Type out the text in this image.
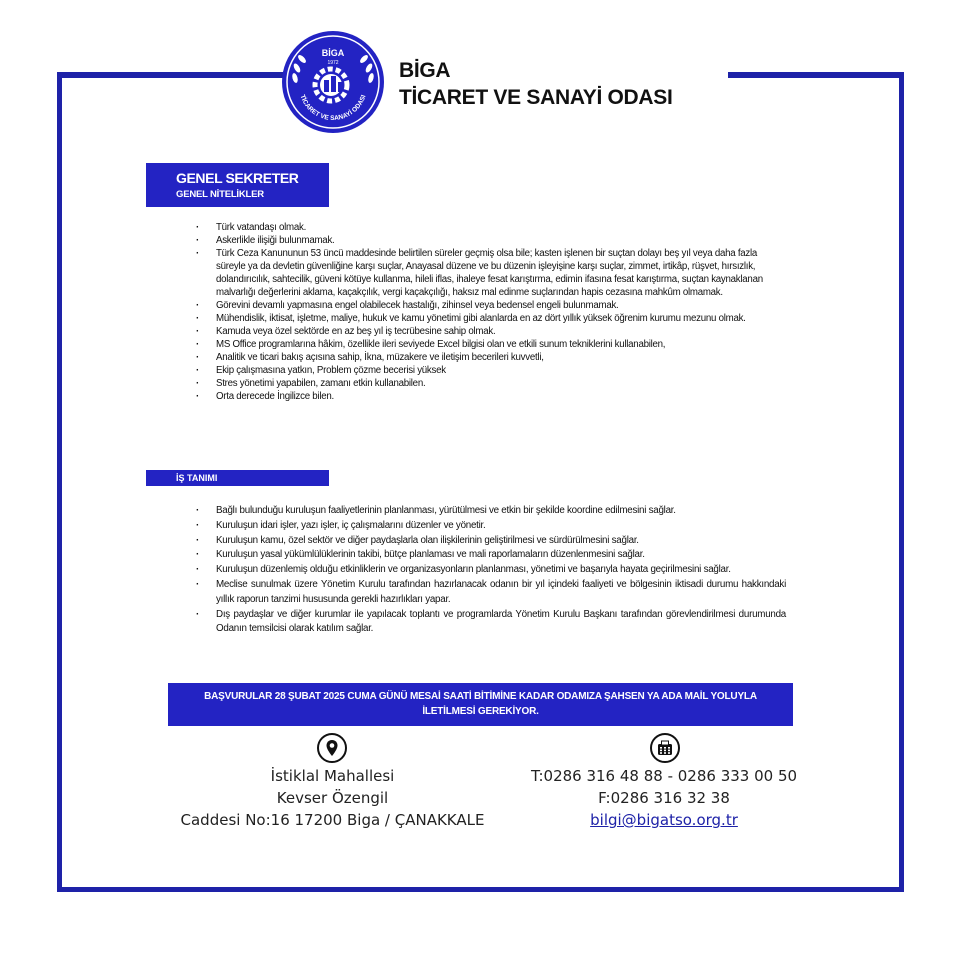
BİGA
1972
TİCARET VE SANAYİ ODASI
BİGA
TİCARET VE SANAYİ ODASI
GENEL SEKRETER
GENEL NİTELİKLER
· Türk vatandaşı olmak.
· Askerlikle ilişiği bulunmamak.
· Türk Ceza Kanununun 53 üncü maddesinde belirtilen süreler geçmiş olsa bile; kasten işlenen bir suçtan dolayı beş yıl veya daha fazla süreyle ya da devletin güvenliğine karşı suçlar, Anayasal düzene ve bu düzenin işleyişine karşı suçlar, zimmet, irtikâp, rüşvet, hırsızlık, dolandırıcılık, sahtecilik, güveni kötüye kullanma, hileli iflas, ihaleye fesat karıştırma, edimin ifasına fesat karıştırma, suçtan kaynaklanan malvarlığı değerlerini aklama, kaçakçılık, vergi kaçakçılığı, haksız mal edinme suçlarından hapis cezasına mahkûm olmamak.
· Görevini devamlı yapmasına engel olabilecek hastalığı, zihinsel veya bedensel engeli bulunmamak.
· Mühendislik, iktisat, işletme, maliye, hukuk ve kamu yönetimi gibi alanlarda en az dört yıllık yüksek öğrenim kurumu mezunu olmak.
· Kamuda veya özel sektörde en az beş yıl iş tecrübesine sahip olmak.
· MS Office programlarına hâkim, özellikle ileri seviyede Excel bilgisi olan ve etkili sunum tekniklerini kullanabilen,
· Analitik ve ticari bakış açısına sahip, İkna, müzakere ve iletişim becerileri kuvvetli,
· Ekip çalışmasına yatkın, Problem çözme becerisi yüksek
· Stres yönetimi yapabilen, zamanı etkin kullanabilen.
· Orta derecede İngilizce bilen.
İŞ TANIMI
· Bağlı bulunduğu kuruluşun faaliyetlerinin planlanması, yürütülmesi ve etkin bir şekilde koordine edilmesini sağlar.
· Kuruluşun idari işler, yazı işler, iç çalışmalarını düzenler ve yönetir.
· Kuruluşun kamu, özel sektör ve diğer paydaşlarla olan ilişkilerinin geliştirilmesi ve sürdürülmesini sağlar.
· Kuruluşun yasal yükümlülüklerinin takibi, bütçe planlaması ve mali raporlamaların düzenlenmesini sağlar.
· Kuruluşun düzenlemiş olduğu etkinliklerin ve organizasyonların planlanması, yönetimi ve başarıyla hayata geçirilmesini sağlar.
· Meclise sunulmak üzere Yönetim Kurulu tarafından hazırlanacak odanın bir yıl içindeki faaliyeti ve bölgesinin iktisadi durumu hakkındaki yıllık raporun tanzimi hususunda gerekli hazırlıkları yapar.
· Dış paydaşlar ve diğer kurumlar ile yapılacak toplantı ve programlarda Yönetim Kurulu Başkanı tarafından görevlendirilmesi durumunda Odanın temsilcisi olarak katılım sağlar.
BAŞVURULAR 28 ŞUBAT 2025 CUMA GÜNÜ MESAİ SAATİ BİTİMİNE KADAR ODAMIZA ŞAHSEN YA ADA MAİL YOLUYLA İLETİLMESİ GEREKİYOR.
İstiklal Mahallesi
Kevser Özengil
Caddesi No:16 17200 Biga / ÇANAKKALE
T:0286 316 48 88 - 0286 333 00 50
F:0286 316 32 38
bilgi@bigatso.org.tr
